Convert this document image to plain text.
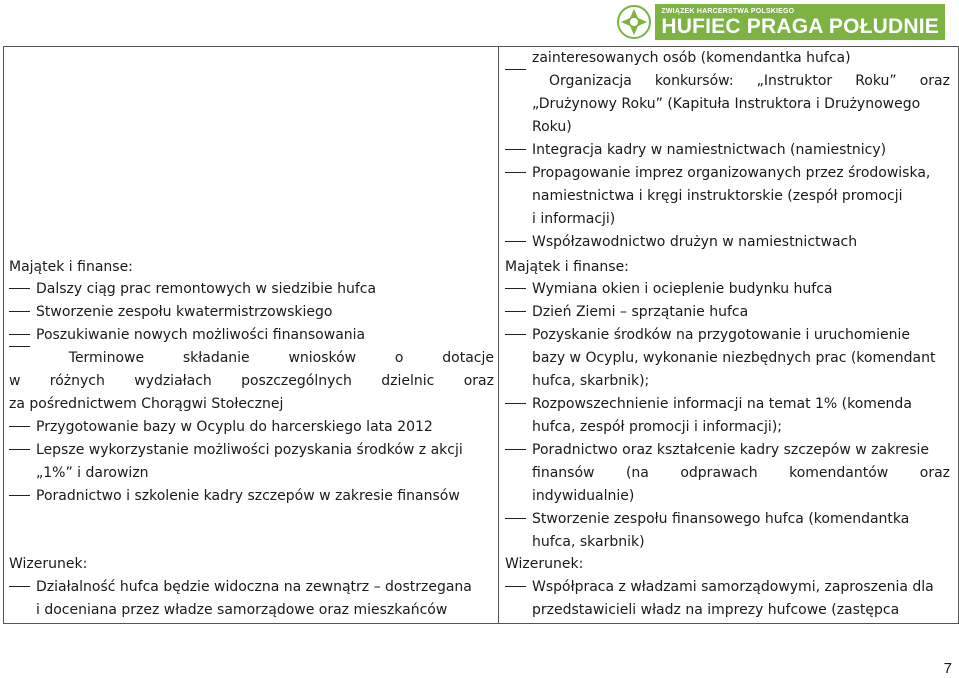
ZWIĄZEK HARCERSTWA POLSKIEGO
HUFIEC PRAGA POŁUDNIE
Majątek i finanse:
Dalszy ciąg prac remontowych w siedzibie hufca
Stworzenie zespołu kwatermistrzowskiego
Poszukiwanie nowych możliwości finansowania
Terminowe	składanie	wniosków	o	dotacje
w różnych wydziałach poszczególnych dzielnic oraz
za pośrednictwem Chorągwi Stołecznej
Przygotowanie bazy w Ocyplu do harcerskiego lata 2012
Lepsze wykorzystanie możliwości pozyskania środków z akcji
„1%” i darowizn
Poradnictwo i szkolenie kadry szczepów w zakresie finansów
Wizerunek:
Działalność hufca będzie widoczna na zewnątrz – dostrzegana
i doceniana przez władze samorządowe oraz mieszkańców

zainteresowanych osób (komendantka hufca)
Organizacja konkursów: „Instruktor Roku” oraz
„Drużynowy Roku” (Kapituła Instruktora i Drużynowego
Roku)
Integracja kadry w namiestnictwach (namiestnicy)
Propagowanie imprez organizowanych przez środowiska,
namiestnictwa i kręgi instruktorskie (zespół promocji
i informacji)
Współzawodnictwo drużyn w namiestnictwach
Majątek i finanse:
Wymiana okien i ocieplenie budynku hufca
Dzień Ziemi – sprzątanie hufca
Pozyskanie środków na przygotowanie i uruchomienie
bazy w Ocyplu, wykonanie niezbędnych prac (komendant
hufca, skarbnik);
Rozpowszechnienie informacji na temat 1% (komenda
hufca, zespół promocji i informacji);
Poradnictwo oraz kształcenie kadry szczepów w zakresie
finansów (na odprawach komendantów oraz
indywidualnie)
Stworzenie zespołu finansowego hufca (komendantka
hufca, skarbnik)
Wizerunek:
Współpraca z władzami samorządowymi, zaproszenia dla
przedstawicieli władz na imprezy hufcowe (zastępca
7
